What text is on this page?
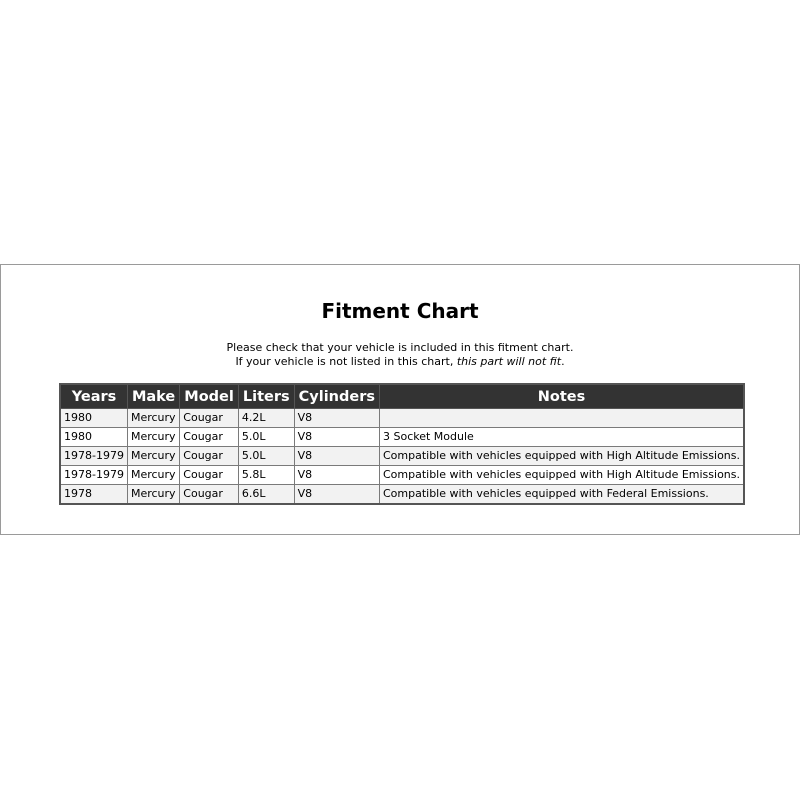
Fitment Chart
Please check that your vehicle is included in this fitment chart.
If your vehicle is not listed in this chart, this part will not fit.
Years	Make	Model	Liters	Cylinders	Notes
1980	Mercury	Cougar	4.2L	V8	
1980	Mercury	Cougar	5.0L	V8	3 Socket Module
1978-1979	Mercury	Cougar	5.0L	V8	Compatible with vehicles equipped with High Altitude Emissions.
1978-1979	Mercury	Cougar	5.8L	V8	Compatible with vehicles equipped with High Altitude Emissions.
1978	Mercury	Cougar	6.6L	V8	Compatible with vehicles equipped with Federal Emissions.
